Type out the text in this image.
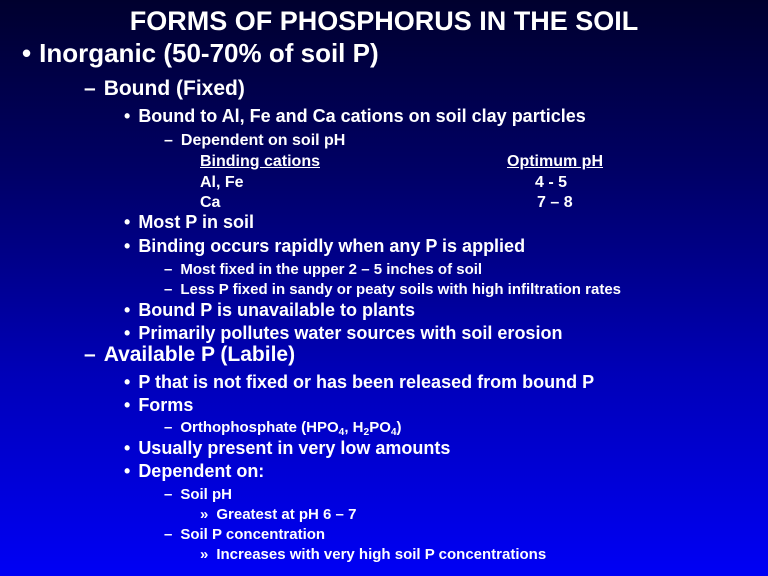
FORMS OF PHOSPHORUS IN THE SOIL
• Inorganic (50-70% of soil P)
– Bound (Fixed)
• Bound to Al, Fe and Ca cations on soil clay particles
– Dependent on soil pH
Binding cations	Optimum pH
Al, Fe	4 - 5
Ca	7 – 8
• Most P in soil
• Binding occurs rapidly when any P is applied
– Most fixed in the upper 2 – 5 inches of soil
– Less P fixed in sandy or peaty soils with high infiltration rates
• Bound P is unavailable to plants
• Primarily pollutes water sources with soil erosion
– Available P (Labile)
• P that is not fixed or has been released from bound P
• Forms
– Orthophosphate ($HPO_4$, $H_2PO_4$)
• Usually present in very low amounts
• Dependent on:
– Soil pH
» Greatest at pH 6 – 7
– Soil P concentration
» Increases with very high soil P concentrations
